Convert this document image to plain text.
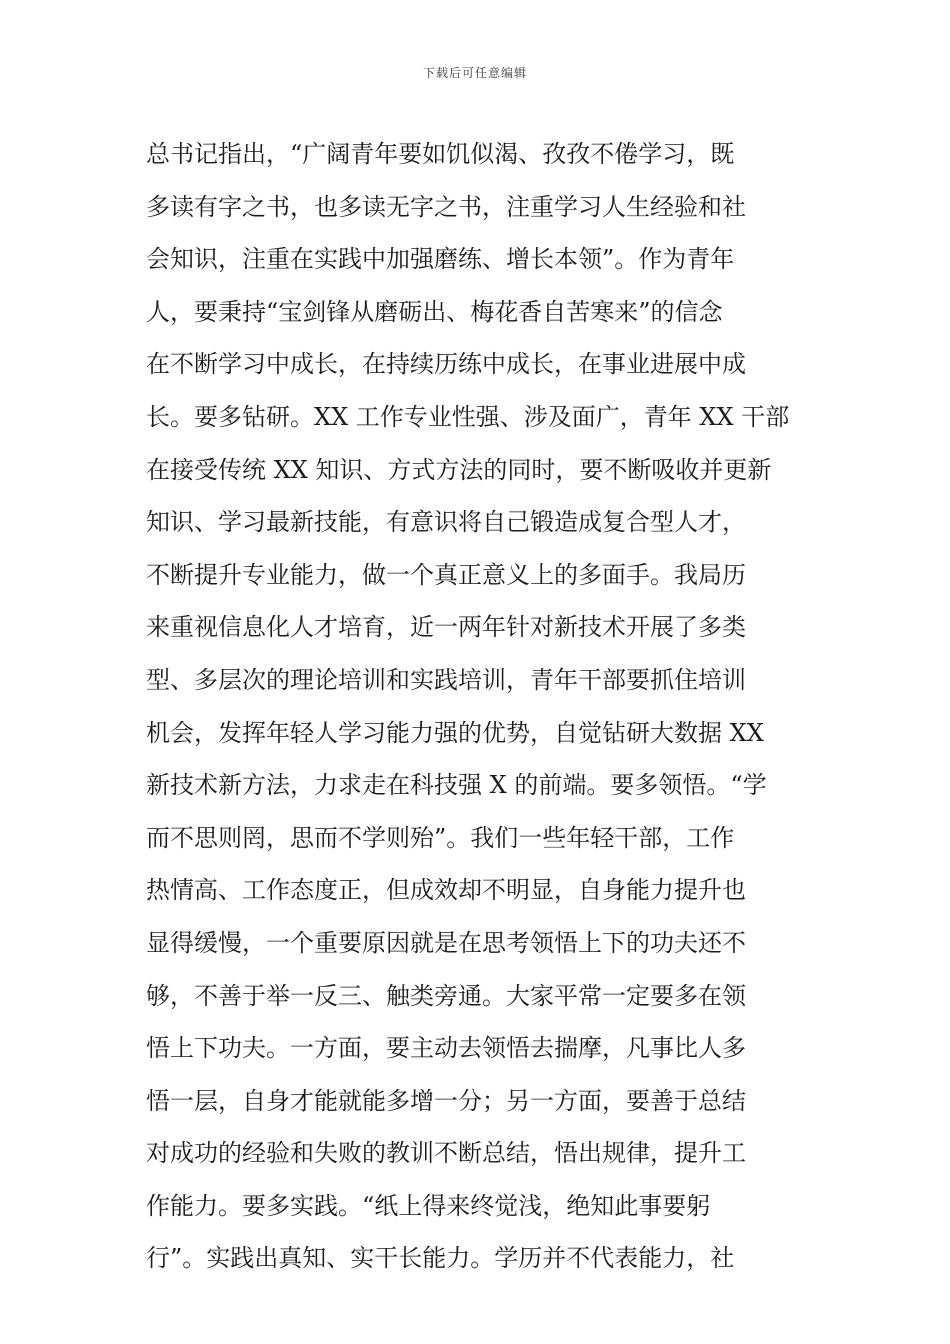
下载后可任意编辑
总书记指出，“广阔青年要如饥似渴、孜孜不倦学习，既
多读有字之书，也多读无字之书，注重学习人生经验和社
会知识，注重在实践中加强磨练、增长本领”。作为青年
人，要秉持“宝剑锋从磨砺出、梅花香自苦寒来”的信念
在不断学习中成长，在持续历练中成长，在事业进展中成
长。要多钻研。XX 工作专业性强、涉及面广，青年 XX 干部
在接受传统 XX 知识、方式方法的同时，要不断吸收并更新
知识、学习最新技能，有意识将自己锻造成复合型人才，
不断提升专业能力，做一个真正意义上的多面手。我局历
来重视信息化人才培育，近一两年针对新技术开展了多类
型、多层次的理论培训和实践培训，青年干部要抓住培训
机会，发挥年轻人学习能力强的优势，自觉钻研大数据 XX
新技术新方法，力求走在科技强 X 的前端。要多领悟。“学
而不思则罔，思而不学则殆”。我们一些年轻干部，工作
热情高、工作态度正，但成效却不明显，自身能力提升也
显得缓慢，一个重要原因就是在思考领悟上下的功夫还不
够，不善于举一反三、触类旁通。大家平常一定要多在领
悟上下功夫。一方面，要主动去领悟去揣摩，凡事比人多
悟一层，自身才能就能多增一分；另一方面，要善于总结
对成功的经验和失败的教训不断总结，悟出规律，提升工
作能力。要多实践。“纸上得来终觉浅，绝知此事要躬
行”。实践出真知、实干长能力。学历并不代表能力，社
